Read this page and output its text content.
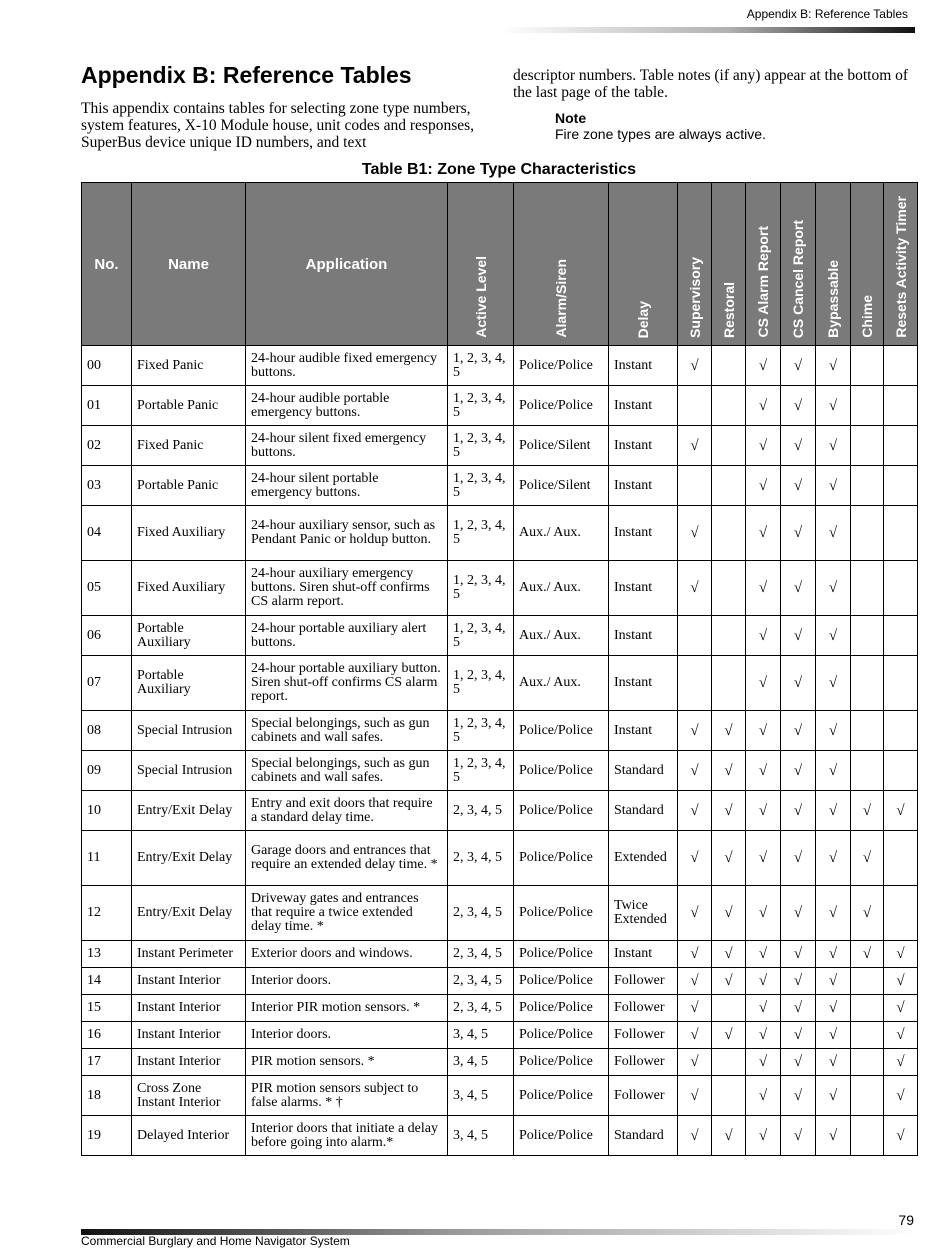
Appendix B: Reference Tables
Appendix B: Reference Tables
This appendix contains tables for selecting zone type numbers, system features, X-10 Module house, unit codes and responses, SuperBus device unique ID numbers, and text
descriptor numbers. Table notes (if any) appear at the bottom of the last page of the table.
Note
Fire zone types are always active.
Table B1: Zone Type Characteristics
No.	Name	Application	Active Level	Alarm/Siren	Delay	Supervisory	Restoral	CS Alarm Report	CS Cancel Report	Bypassable	Chime	Resets Activity Timer
00	Fixed Panic	24-hour audible fixed emergency buttons.	1, 2, 3, 4, 5	Police/Police	Instant	√		√	√	√		
01	Portable Panic	24-hour audible portable emergency buttons.	1, 2, 3, 4, 5	Police/Police	Instant			√	√	√		
02	Fixed Panic	24-hour silent fixed emergency buttons.	1, 2, 3, 4, 5	Police/Silent	Instant	√		√	√	√		
03	Portable Panic	24-hour silent portable emergency buttons.	1, 2, 3, 4, 5	Police/Silent	Instant			√	√	√		
04	Fixed Auxiliary	24-hour auxiliary sensor, such as Pendant Panic or holdup button.	1, 2, 3, 4, 5	Aux./ Aux.	Instant	√		√	√	√		
05	Fixed Auxiliary	24-hour auxiliary emergency buttons. Siren shut-off confirms CS alarm report.	1, 2, 3, 4, 5	Aux./ Aux.	Instant	√		√	√	√		
06	Portable Auxiliary	24-hour portable auxiliary alert buttons.	1, 2, 3, 4, 5	Aux./ Aux.	Instant			√	√	√		
07	Portable Auxiliary	24-hour portable auxiliary button. Siren shut-off confirms CS alarm report.	1, 2, 3, 4, 5	Aux./ Aux.	Instant			√	√	√		
08	Special Intrusion	Special belongings, such as gun cabinets and wall safes.	1, 2, 3, 4, 5	Police/Police	Instant	√	√	√	√	√		
09	Special Intrusion	Special belongings, such as gun cabinets and wall safes.	1, 2, 3, 4, 5	Police/Police	Standard	√	√	√	√	√		
10	Entry/Exit Delay	Entry and exit doors that require a standard delay time.	2, 3, 4, 5	Police/Police	Standard	√	√	√	√	√	√	√
11	Entry/Exit Delay	Garage doors and entrances that require an extended delay time. *	2, 3, 4, 5	Police/Police	Extended	√	√	√	√	√	√	
12	Entry/Exit Delay	Driveway gates and entrances that require a twice extended delay time. *	2, 3, 4, 5	Police/Police	Twice Extended	√	√	√	√	√	√	
13	Instant Perimeter	Exterior doors and windows.	2, 3, 4, 5	Police/Police	Instant	√	√	√	√	√	√	√
14	Instant Interior	Interior doors.	2, 3, 4, 5	Police/Police	Follower	√	√	√	√	√		√
15	Instant Interior	Interior PIR motion sensors. *	2, 3, 4, 5	Police/Police	Follower	√		√	√	√		√
16	Instant Interior	Interior doors.	3, 4, 5	Police/Police	Follower	√	√	√	√	√		√
17	Instant Interior	PIR motion sensors. *	3, 4, 5	Police/Police	Follower	√		√	√	√		√
18	Cross Zone Instant Interior	PIR motion sensors subject to false alarms. * †	3, 4, 5	Police/Police	Follower	√		√	√	√		√
19	Delayed Interior	Interior doors that initiate a delay before going into alarm.*	3, 4, 5	Police/Police	Standard	√	√	√	√	√		√
Commercial Burglary and Home Navigator System
79
